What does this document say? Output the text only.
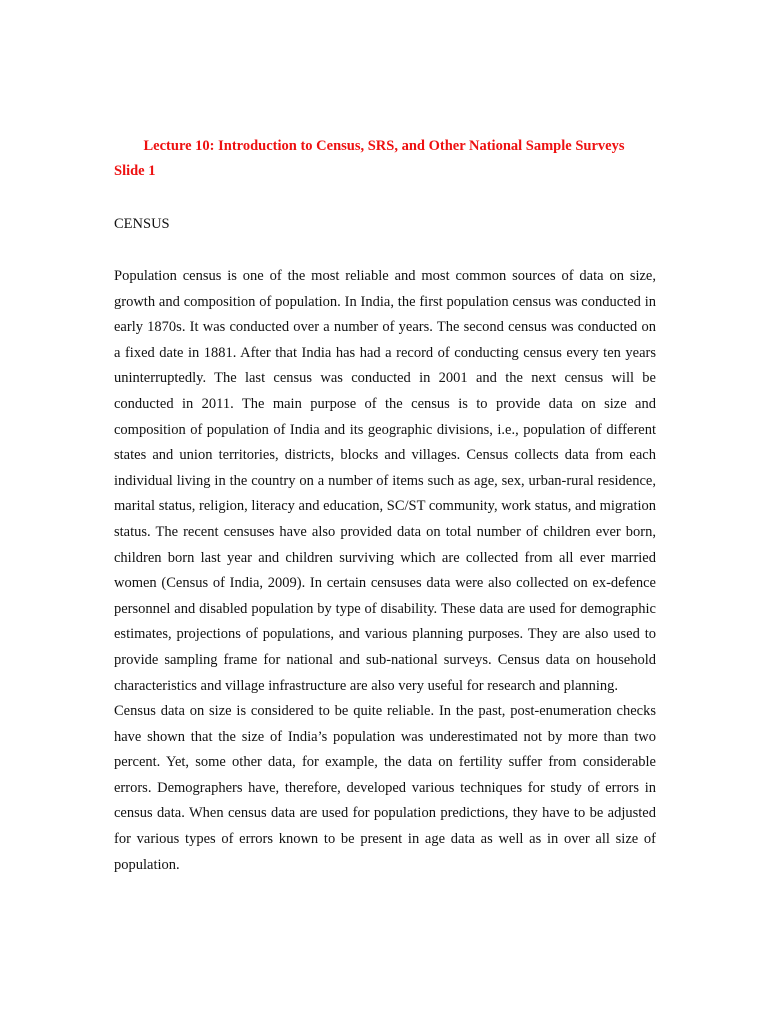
Lecture 10: Introduction to Census, SRS, and Other National Sample Surveys
Slide 1
CENSUS

Population census is one of the most reliable and most common sources of data on size, growth and composition of population. In India, the first population census was conducted in early 1870s. It was conducted over a number of years. The second census was conducted on a fixed date in 1881. After that India has had a record of conducting census every ten years uninterruptedly. The last census was conducted in 2001 and the next census will be conducted in 2011. The main purpose of the census is to provide data on size and composition of population of India and its geographic divisions, i.e., population of different states and union territories, districts, blocks and villages. Census collects data from each individual living in the country on a number of items such as age, sex, urban-rural residence, marital status, religion, literacy and education, SC/ST community, work status, and migration status. The recent censuses have also provided data on total number of children ever born, children born last year and children surviving which are collected from all ever married women (Census of India, 2009). In certain censuses data were also collected on ex-defence personnel and disabled population by type of disability. These data are used for demographic estimates, projections of populations, and various planning purposes. They are also used to provide sampling frame for national and sub-national surveys. Census data on household characteristics and village infrastructure are also very useful for research and planning.

Census data on size is considered to be quite reliable. In the past, post-enumeration checks have shown that the size of India’s population was underestimated not by more than two percent. Yet, some other data, for example, the data on fertility suffer from considerable errors. Demographers have, therefore, developed various techniques for study of errors in census data. When census data are used for population predictions, they have to be adjusted for various types of errors known to be present in age data as well as in over all size of population.
